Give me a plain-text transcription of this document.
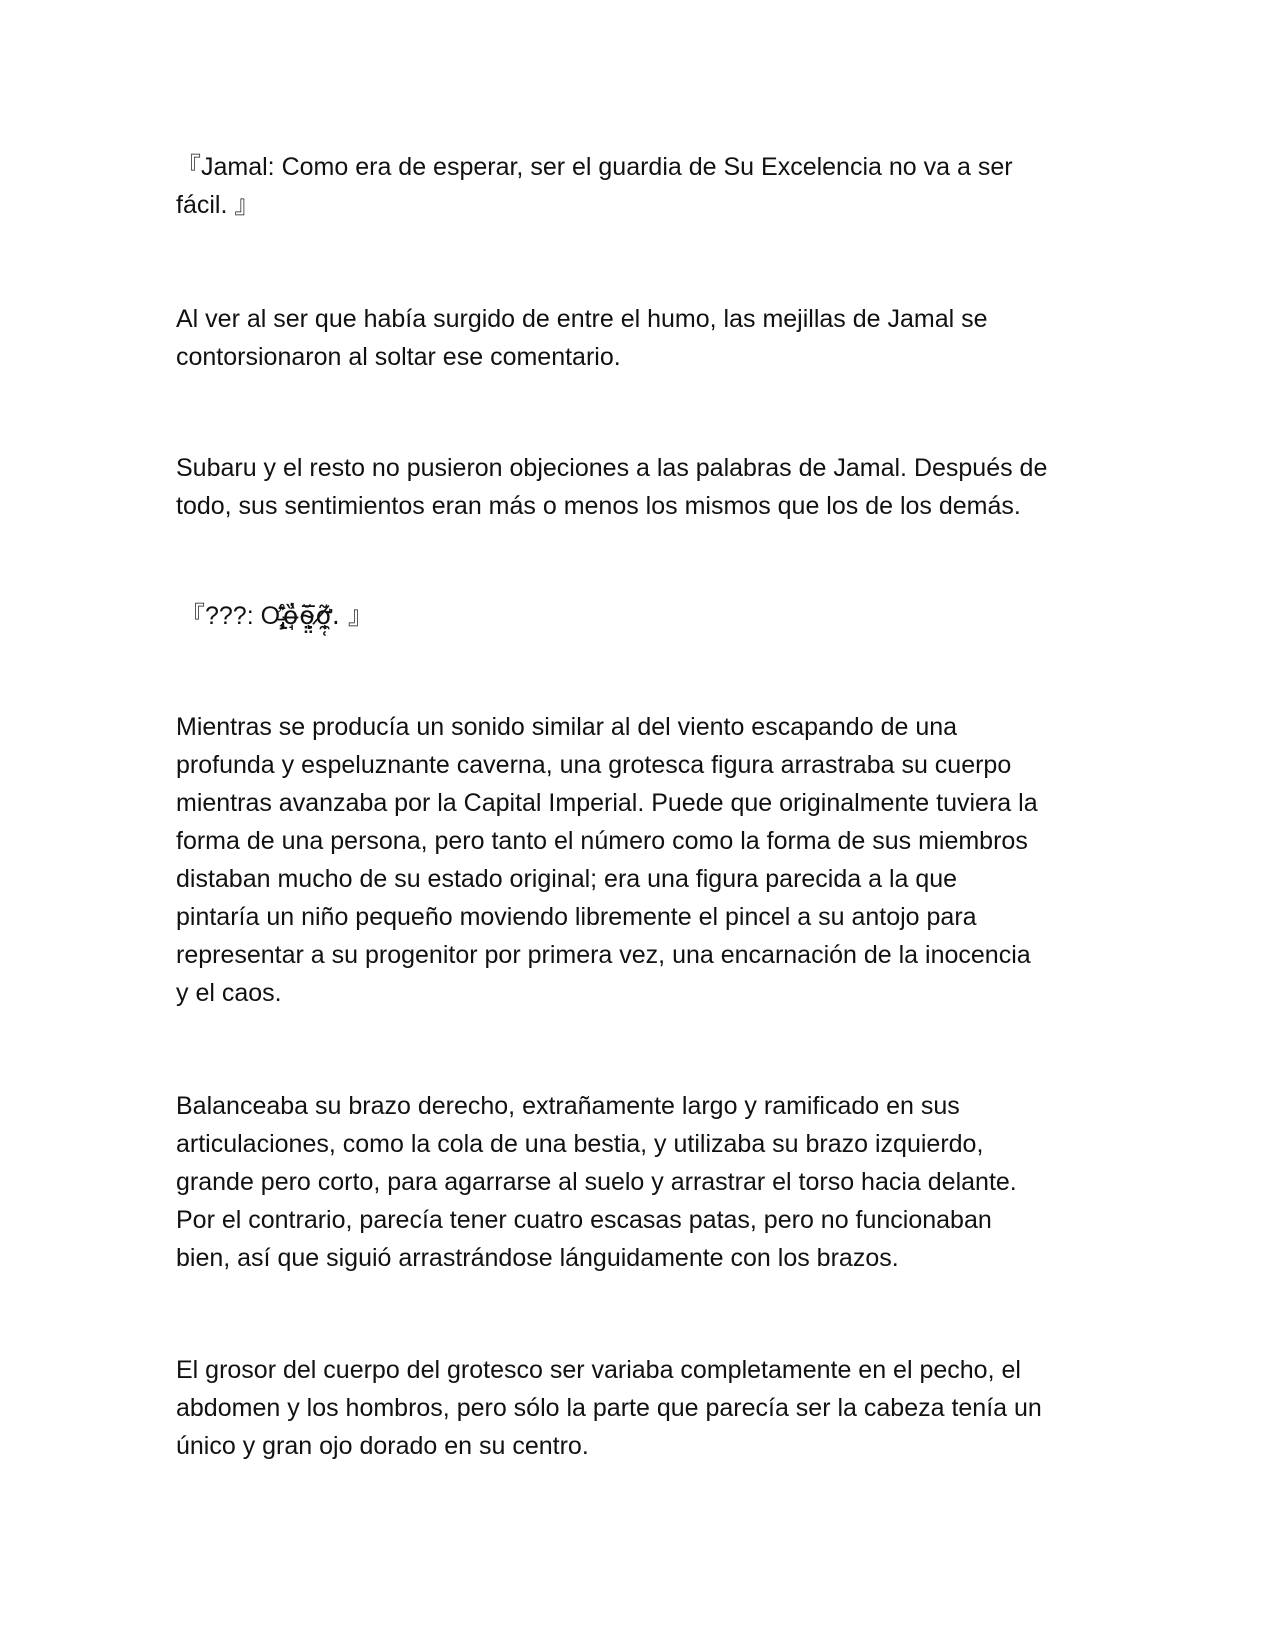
『Jamal: Como era de esperar, ser el guardia de Su Excelencia no va a ser
fácil. 』

Al ver al ser que había surgido de entre el humo, las mejillas de Jamal se
contorsionaron al soltar ese comentario.

Subaru y el resto no pusieron objeciones a las palabras de Jamal. Después de
todo, sus sentimientos eran más o menos los mismos que los de los demás.

『???: Ơ̵̧̢̝̞̄̊͛ȍ̶̘̓ŏ̴̤̤̅ͅỡ̸̛̼̜ͅ. 』

Mientras se producía un sonido similar al del viento escapando de una
profunda y espeluznante caverna, una grotesca figura arrastraba su cuerpo
mientras avanzaba por la Capital Imperial. Puede que originalmente tuviera la
forma de una persona, pero tanto el número como la forma de sus miembros
distaban mucho de su estado original; era una figura parecida a la que
pintaría un niño pequeño moviendo libremente el pincel a su antojo para
representar a su progenitor por primera vez, una encarnación de la inocencia
y el caos.

Balanceaba su brazo derecho, extrañamente largo y ramificado en sus
articulaciones, como la cola de una bestia, y utilizaba su brazo izquierdo,
grande pero corto, para agarrarse al suelo y arrastrar el torso hacia delante.
Por el contrario, parecía tener cuatro escasas patas, pero no funcionaban
bien, así que siguió arrastrándose lánguidamente con los brazos.

El grosor del cuerpo del grotesco ser variaba completamente en el pecho, el
abdomen y los hombros, pero sólo la parte que parecía ser la cabeza tenía un
único y gran ojo dorado en su centro.
